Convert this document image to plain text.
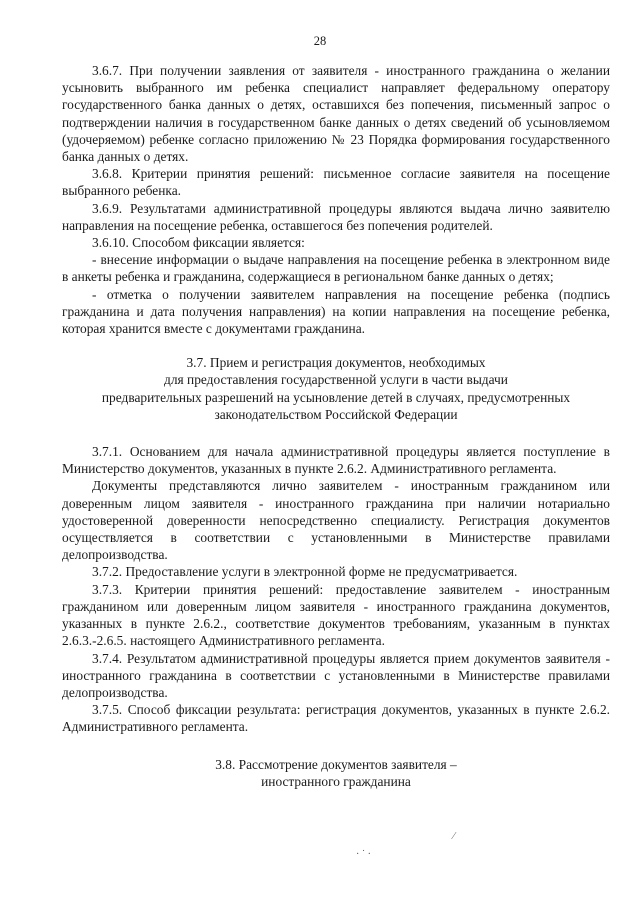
28

3.6.7. При получении заявления от заявителя - иностранного гражданина о желании усыновить выбранного им ребенка специалист направляет федеральному оператору государственного банка данных о детях, оставшихся без попечения, письменный запрос о подтверждении наличия в государственном банке данных о детях сведений об усыновляемом (удочеряемом) ребенке согласно приложению № 23 Порядка формирования государственного банка данных о детях.

3.6.8. Критерии принятия решений: письменное согласие заявителя на посещение выбранного ребенка.

3.6.9. Результатами административной процедуры являются выдача лично заявителю направления на посещение ребенка, оставшегося без попечения родителей.

3.6.10. Способом фиксации является:

- внесение информации о выдаче направления на посещение ребенка в электронном виде в анкеты ребенка и гражданина, содержащиеся в региональном банке данных о детях;

- отметка о получении заявителем направления на посещение ребенка (подпись гражданина и дата получения направления) на копии направления на посещение ребенка, которая хранится вместе с документами гражданина.

3.7. Прием и регистрация документов, необходимых
для предоставления государственной услуги в части выдачи
предварительных разрешений на усыновление детей в случаях, предусмотренных
законодательством Российской Федерации

3.7.1. Основанием для начала административной процедуры является поступление в Министерство документов, указанных в пункте 2.6.2. Административного регламента.

Документы представляются лично заявителем - иностранным гражданином или доверенным лицом заявителя - иностранного гражданина при наличии нотариально удостоверенной доверенности непосредственно специалисту. Регистрация документов осуществляется в соответствии с установленными в Министерстве правилами делопроизводства.

3.7.2. Предоставление услуги в электронной форме не предусматривается.

3.7.3. Критерии принятия решений: предоставление заявителем - иностранным гражданином или доверенным лицом заявителя - иностранного гражданина документов, указанных в пункте 2.6.2., соответствие документов требованиям, указанным в пунктах 2.6.3.-2.6.5. настоящего Административного регламента.

3.7.4. Результатом административной процедуры является прием документов заявителя - иностранного гражданина в соответствии с установленными в Министерстве правилами делопроизводства.

3.7.5. Способ фиксации результата: регистрация документов, указанных в пункте 2.6.2. Административного регламента.

3.8. Рассмотрение документов заявителя –
иностранного гражданина
⁄
· ˙ ·
